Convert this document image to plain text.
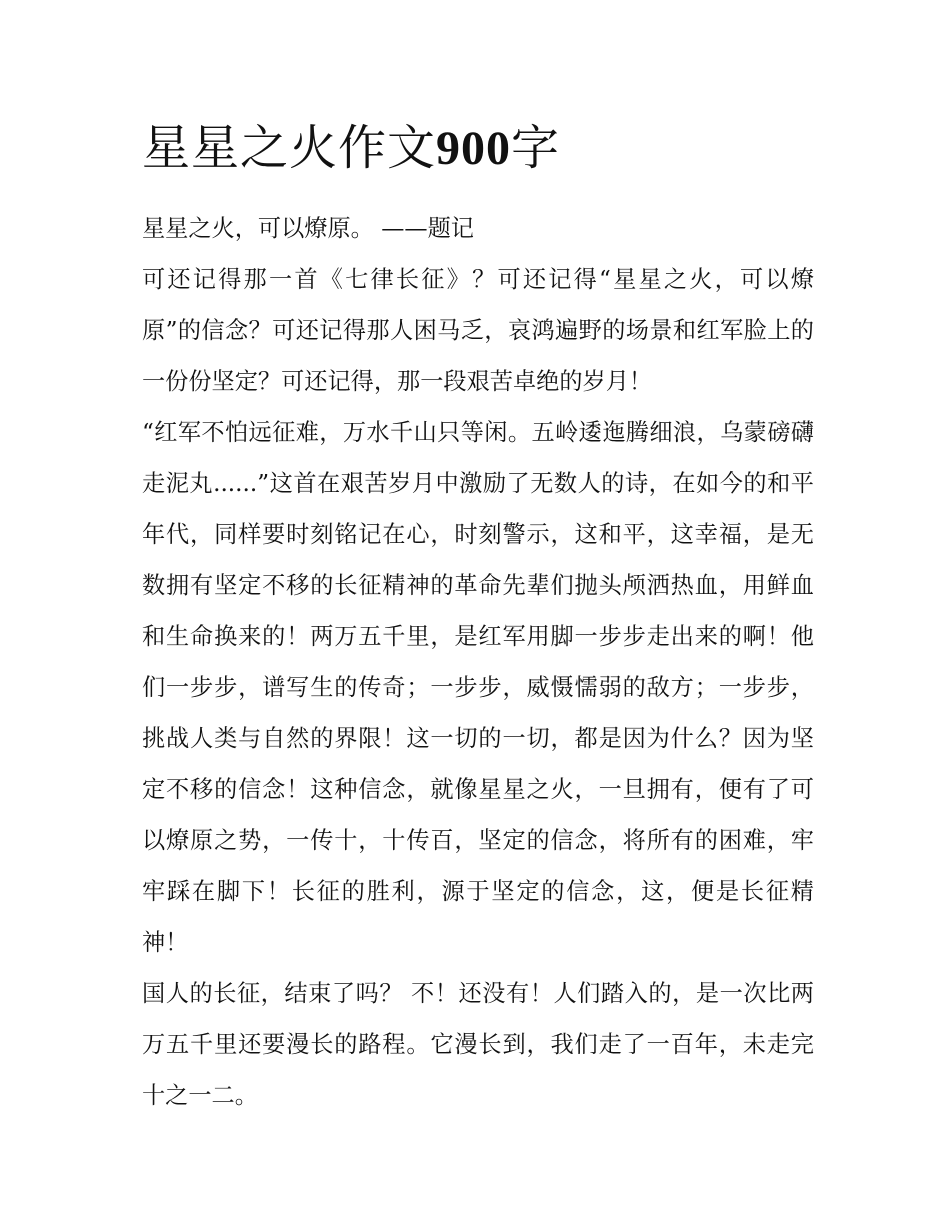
星星之火作文900字

星星之火，可以燎原。 ——题记

可还记得那一首《七律长征》？可还记得“星星之火，可以燎原”的信念？可还记得那人困马乏，哀鸿遍野的场景和红军脸上的一份份坚定？可还记得，那一段艰苦卓绝的岁月！

“红军不怕远征难，万水千山只等闲。五岭逶迤腾细浪，乌蒙磅礴走泥丸......”这首在艰苦岁月中激励了无数人的诗，在如今的和平年代，同样要时刻铭记在心，时刻警示，这和平，这幸福，是无数拥有坚定不移的长征精神的革命先辈们抛头颅洒热血，用鲜血和生命换来的！两万五千里，是红军用脚一步步走出来的啊！他们一步步，谱写生的传奇；一步步，威慑懦弱的敌方；一步步，挑战人类与自然的界限！这一切的一切，都是因为什么？因为坚定不移的信念！这种信念，就像星星之火，一旦拥有，便有了可以燎原之势，一传十，十传百，坚定的信念，将所有的困难，牢牢踩在脚下！长征的胜利，源于坚定的信念，这，便是长征精神！

国人的长征，结束了吗？ 不！还没有！人们踏入的，是一次比两万五千里还要漫长的路程。它漫长到，我们走了一百年，未走完十之一二。
